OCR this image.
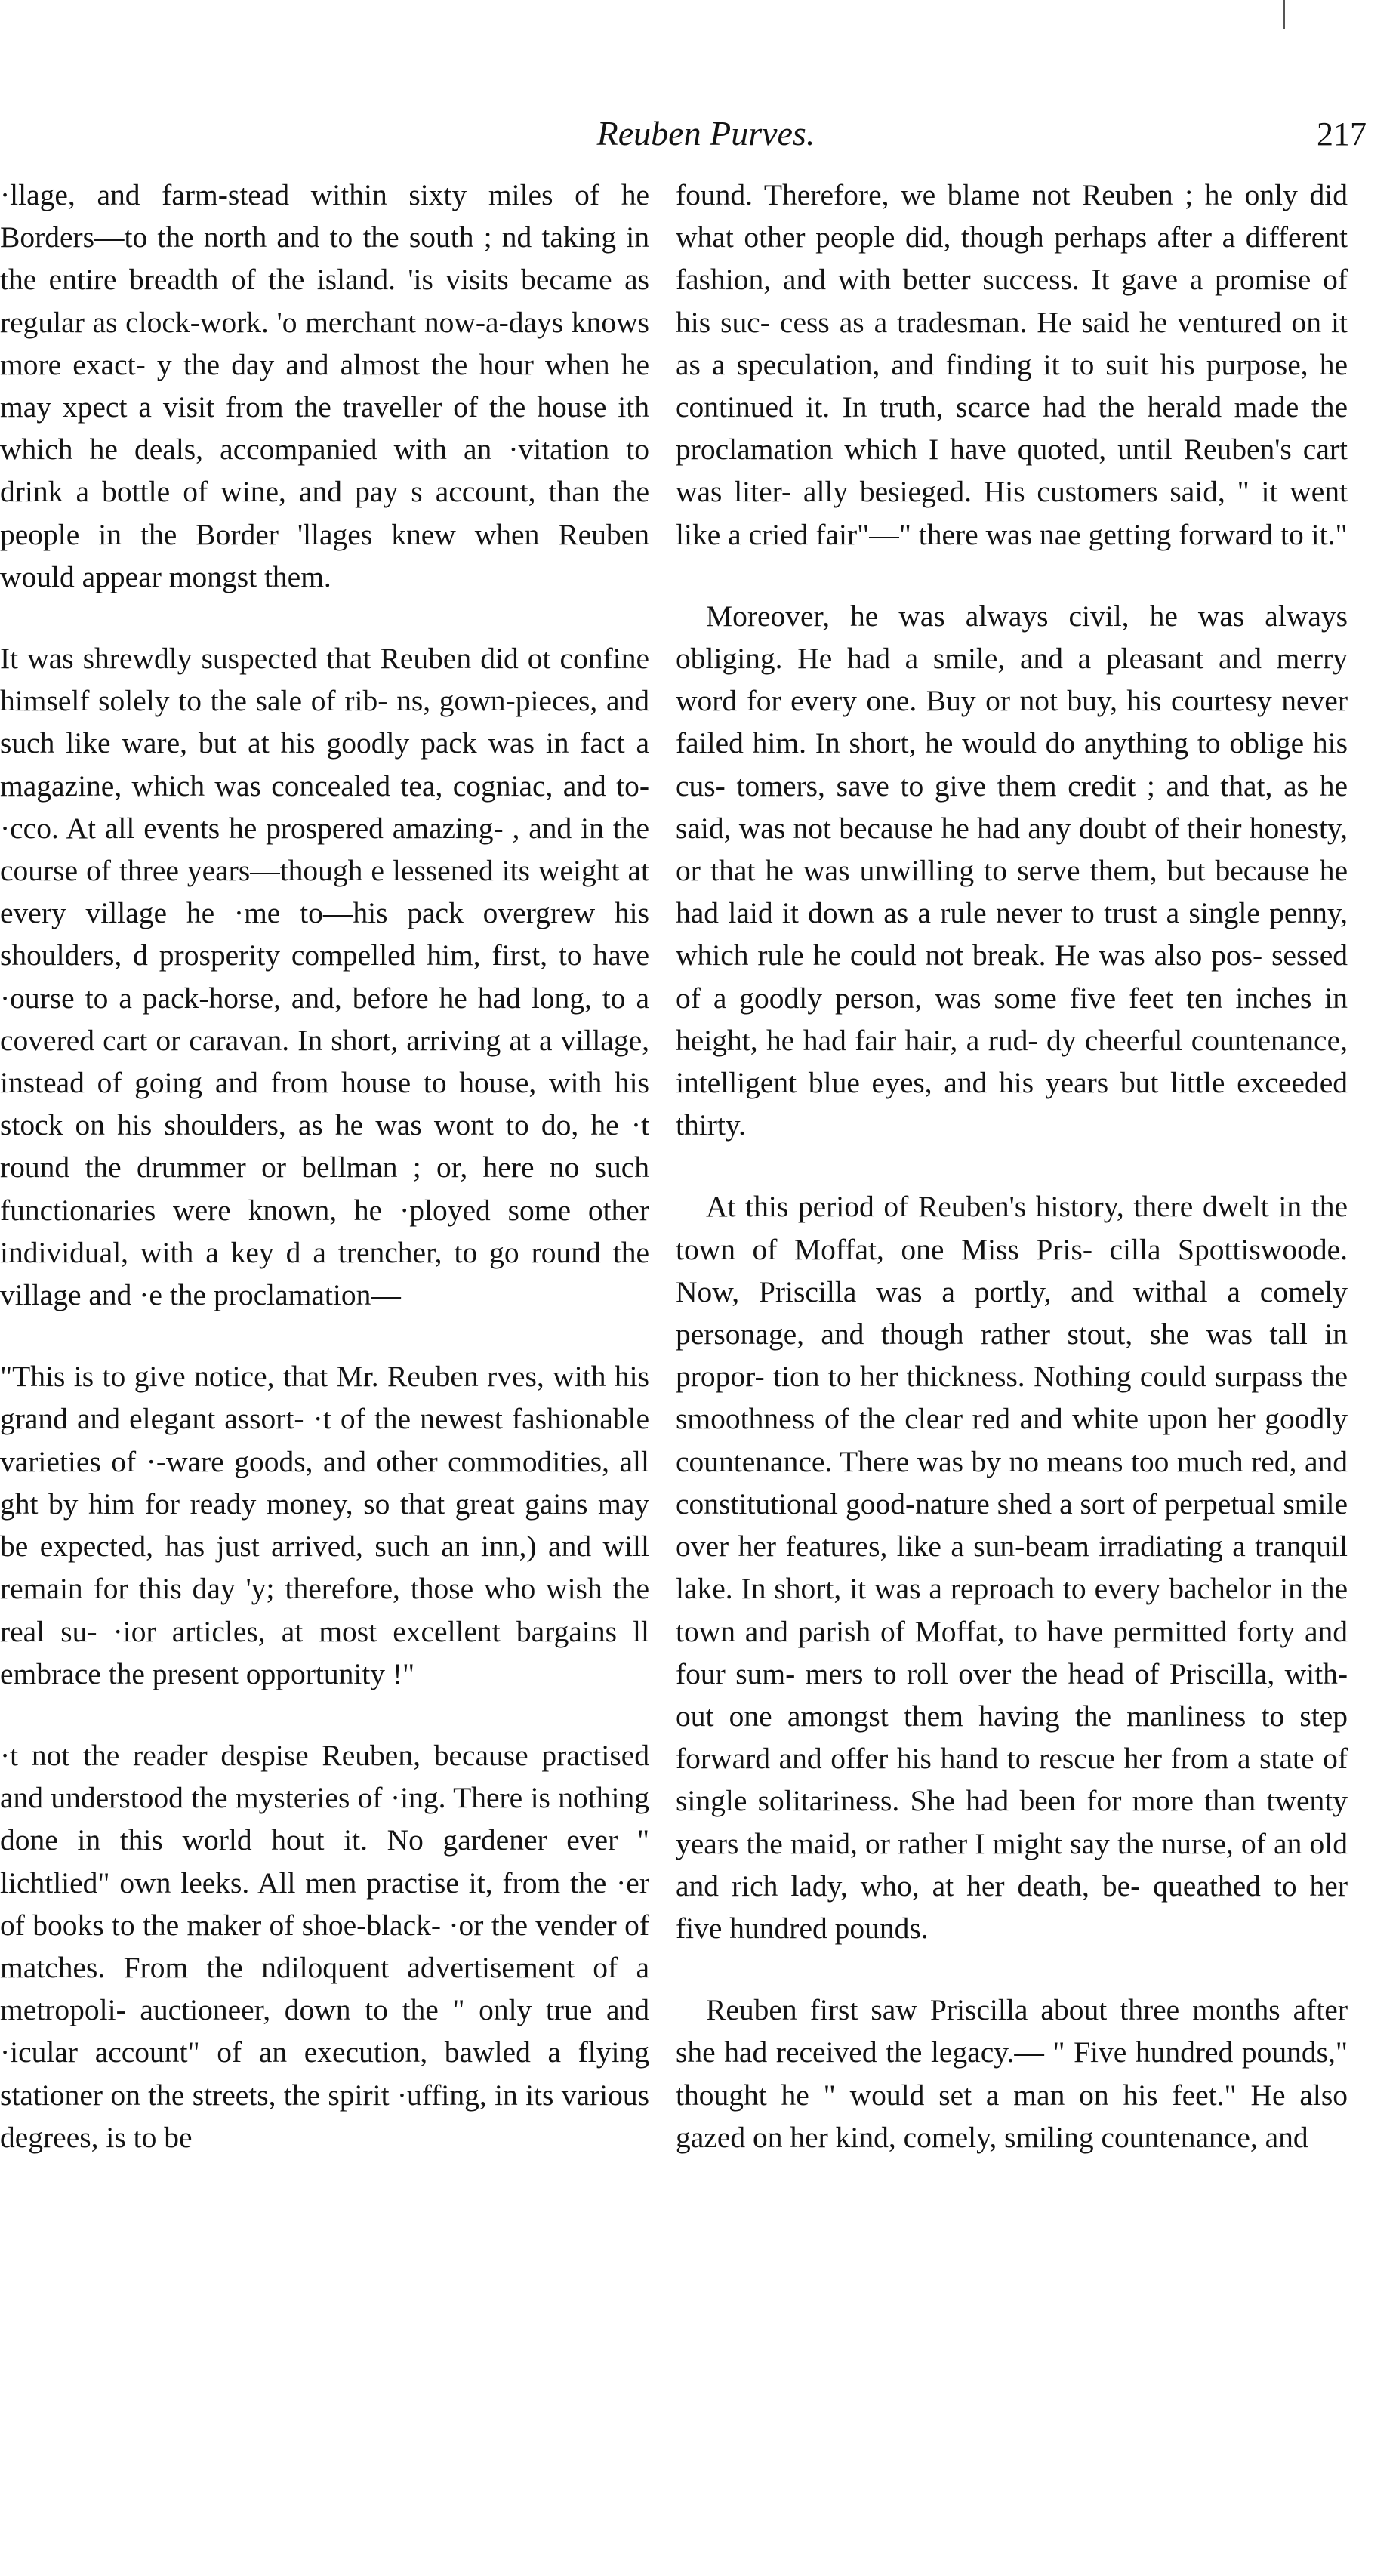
Reuben Purves.	217

·llage, and farm-stead within sixty miles of he Borders—to the north and to the south ; nd taking in the entire breadth of the island. 'is visits became as regular as clock-work. 'o merchant now-a-days knows more exact- y the day and almost the hour when he may xpect a visit from the traveller of the house ith which he deals, accompanied with an ·vitation to drink a bottle of wine, and pay s account, than the people in the Border 'llages knew when Reuben would appear mongst them.

It was shrewdly suspected that Reuben did ot confine himself solely to the sale of rib- ns, gown-pieces, and such like ware, but at his goodly pack was in fact a magazine, which was concealed tea, cogniac, and to- ·cco. At all events he prospered amazing- , and in the course of three years—though e lessened its weight at every village he ·me to—his pack overgrew his shoulders, d prosperity compelled him, first, to have ·ourse to a pack-horse, and, before he had long, to a covered cart or caravan. In short, arriving at a village, instead of going and from house to house, with his stock on his shoulders, as he was wont to do, he ·t round the drummer or bellman ; or, here no such functionaries were known, he ·ployed some other individual, with a key d a trencher, to go round the village and ·e the proclamation—

"This is to give notice, that Mr. Reuben rves, with his grand and elegant assort- ·t of the newest fashionable varieties of ·-ware goods, and other commodities, all ght by him for ready money, so that great gains may be expected, has just arrived, such an inn,) and will remain for this day 'y; therefore, those who wish the real su- ·ior articles, at most excellent bargains ll embrace the present opportunity !"

·t not the reader despise Reuben, because practised and understood the mysteries of ·ing. There is nothing done in this world hout it. No gardener ever " lichtlied" own leeks. All men practise it, from the ·er of books to the maker of shoe-black- ·or the vender of matches. From the ndiloquent advertisement of a metropoli- auctioneer, down to the " only true and ·icular account" of an execution, bawled a flying stationer on the streets, the spirit ·uffing, in its various degrees, is to be

found. Therefore, we blame not Reuben ; he only did what other people did, though perhaps after a different fashion, and with better success. It gave a promise of his suc- cess as a tradesman. He said he ventured on it as a speculation, and finding it to suit his purpose, he continued it. In truth, scarce had the herald made the proclamation which I have quoted, until Reuben's cart was liter- ally besieged. His customers said, " it went like a cried fair"—" there was nae getting forward to it."

Moreover, he was always civil, he was always obliging. He had a smile, and a pleasant and merry word for every one. Buy or not buy, his courtesy never failed him. In short, he would do anything to oblige his cus- tomers, save to give them credit ; and that, as he said, was not because he had any doubt of their honesty, or that he was unwilling to serve them, but because he had laid it down as a rule never to trust a single penny, which rule he could not break. He was also pos- sessed of a goodly person, was some five feet ten inches in height, he had fair hair, a rud- dy cheerful countenance, intelligent blue eyes, and his years but little exceeded thirty.

At this period of Reuben's history, there dwelt in the town of Moffat, one Miss Pris- cilla Spottiswoode. Now, Priscilla was a portly, and withal a comely personage, and though rather stout, she was tall in propor- tion to her thickness. Nothing could surpass the smoothness of the clear red and white upon her goodly countenance. There was by no means too much red, and constitutional good-nature shed a sort of perpetual smile over her features, like a sun-beam irradiating a tranquil lake. In short, it was a reproach to every bachelor in the town and parish of Moffat, to have permitted forty and four sum- mers to roll over the head of Priscilla, with- out one amongst them having the manliness to step forward and offer his hand to rescue her from a state of single solitariness. She had been for more than twenty years the maid, or rather I might say the nurse, of an old and rich lady, who, at her death, be- queathed to her five hundred pounds.

Reuben first saw Priscilla about three months after she had received the legacy.— " Five hundred pounds," thought he " would set a man on his feet." He also gazed on her kind, comely, smiling countenance, and
